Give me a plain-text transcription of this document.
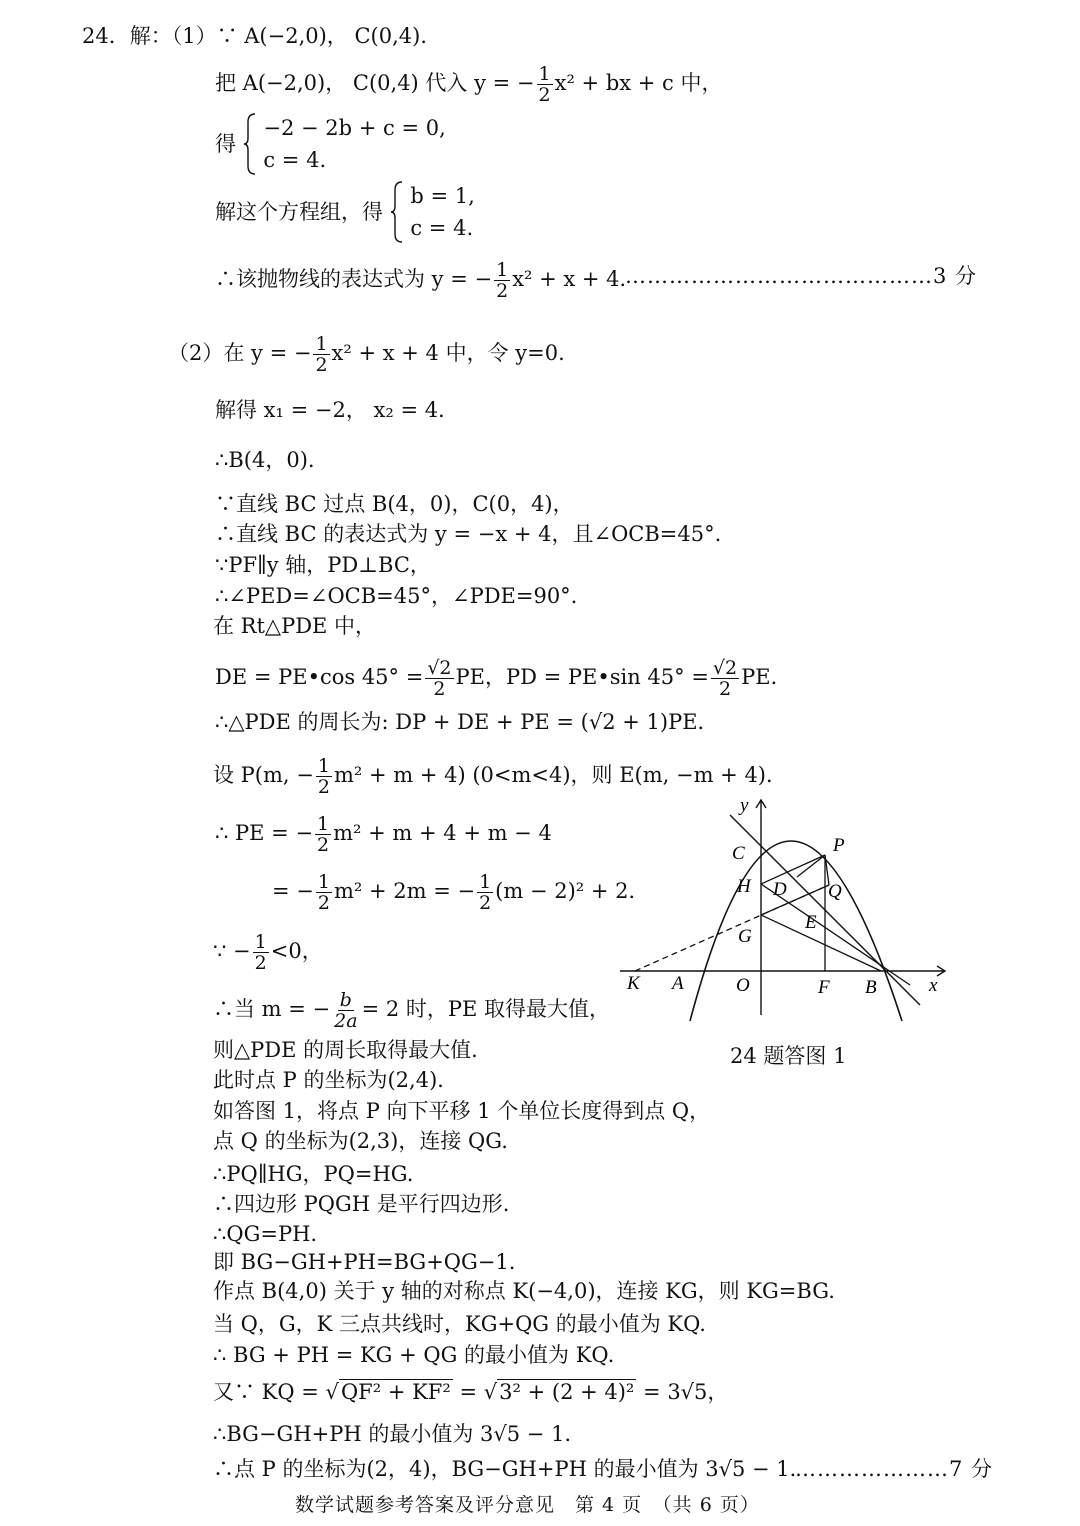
24．解：（1）∵ A(−2,0)， C(0,4)．
把 A(−2,0)， C(0,4) 代入 y = − $\frac{1}{2} x^2$ + bx + c 中，
得  −2 − 2b + c = 0,
c = 4.
解这个方程组，得  b = 1,
c = 4.
∴该抛物线的表达式为 y = − $\frac{1}{2} x^2 + x + 4$．
……………………………………3 分
（2）在 y = − $\frac{1}{2} x^2 + x + 4$ 中，令 y=0.
解得 x₁ = −2， x₂ = 4．
∴B(4，0).
∵直线 BC 过点 B(4，0)，C(0，4)，
∴直线 BC 的表达式为 y = −x + 4，且∠OCB=45°.
∵PF∥y 轴，PD⊥BC，
∴∠PED=∠OCB=45°，∠PDE=90°.
在 Rt△PDE 中，
DE = PE•cos $45^\circ = \frac{√2}{2}$ PE，PD = PE•sin $45^\circ = \frac{√2}{2}$ PE．
∴△PDE 的周长为: DP + DE + PE = (√2 + 1)PE．
设 P(m, − $\frac{1}{2} m^2 + m + 4$) (0<m<4)，则 E(m, −m + 4)．
∴ PE = − $\frac{1}{2} m^2 + m + 4 + m - 4$
= − $\frac{1}{2} m^2 + 2m$ = − $\frac{1}{2} (m - 2)^2 + 2$．
∵ − $\frac{1}{2} <0$，
∴当 m = − $\frac{b}{2a} = 2$ 时，PE 取得最大值，
则△PDE 的周长取得最大值.
此时点 P 的坐标为(2,4)．
如答图 1，将点 P 向下平移 1 个单位长度得到点 Q，
点 Q 的坐标为(2,3)，连接 QG.
∴PQ∥HG，PQ=HG.
∴四边形 PQGH 是平行四边形.
∴QG=PH.
即 BG−GH+PH=BG+QG−1.
作点 B(4,0) 关于 y 轴的对称点 K(−4,0)，连接 KG，则 KG=BG.
当 Q，G，K 三点共线时，KG+QG 的最小值为 KQ.
∴ BG + PH = KG + QG 的最小值为 KQ.
又∵ KQ = √QF² + KF² = √3² + (2 + 4)² = 3√5，
∴BG−GH+PH 的最小值为 3√5 − 1．
∴点 P 的坐标为(2，4)，BG−GH+PH 的最小值为 3√5 − 1．
…………………7 分
y
x
C	P
H D Q
E
G
K A	O	F B
24 题答图 1
数学试题参考答案及评分意见　第 4 页　（共 6 页）
